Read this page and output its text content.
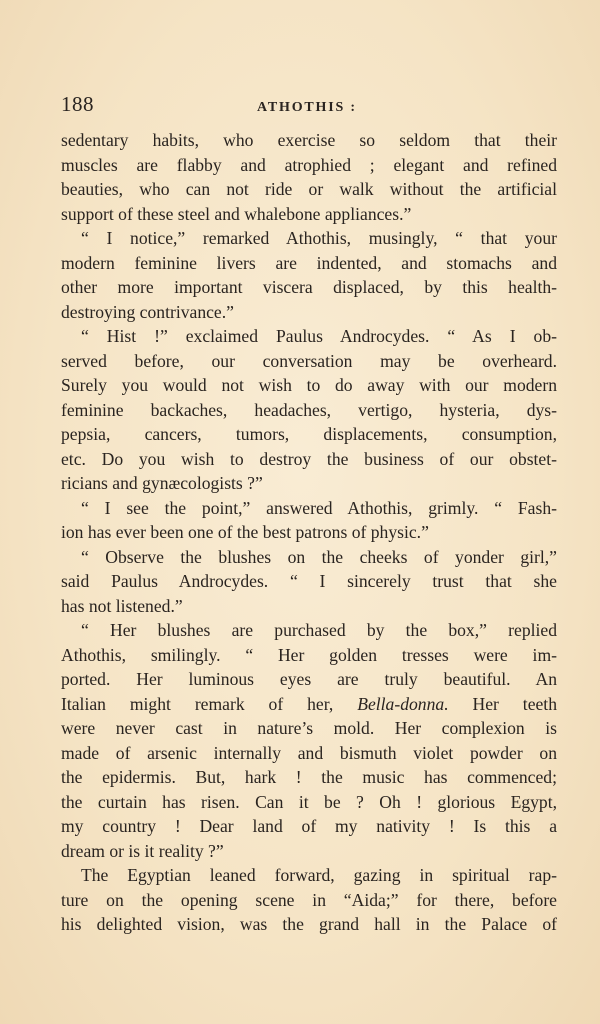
188	ATHOTHIS :
sedentary habits, who exercise so seldom that their
muscles are flabby and atrophied ; elegant and refined
beauties, who can not ride or walk without the artificial
support of these steel and whalebone appliances.”
“ I notice,” remarked Athothis, musingly, “ that your
modern feminine livers are indented, and stomachs and
other more important viscera displaced, by this health-
destroying contrivance.”
“ Hist !” exclaimed Paulus Androcydes. “ As I ob-
served before, our conversation may be overheard.
Surely you would not wish to do away with our modern
feminine backaches, headaches, vertigo, hysteria, dys-
pepsia, cancers, tumors, displacements, consumption,
etc. Do you wish to destroy the business of our obstet-
ricians and gynæcologists ?”
“ I see the point,” answered Athothis, grimly. “ Fash-
ion has ever been one of the best patrons of physic.”
“ Observe the blushes on the cheeks of yonder girl,”
said Paulus Androcydes. “ I sincerely trust that she
has not listened.”
“ Her blushes are purchased by the box,” replied
Athothis, smilingly. “ Her golden tresses were im-
ported. Her luminous eyes are truly beautiful. An
Italian might remark of her, Bella-donna. Her teeth
were never cast in nature’s mold. Her complexion is
made of arsenic internally and bismuth violet powder on
the epidermis. But, hark ! the music has commenced;
the curtain has risen. Can it be ? Oh ! glorious Egypt,
my country ! Dear land of my nativity ! Is this a
dream or is it reality ?”
The Egyptian leaned forward, gazing in spiritual rap-
ture on the opening scene in “Aida;” for there, before
his delighted vision, was the grand hall in the Palace of
